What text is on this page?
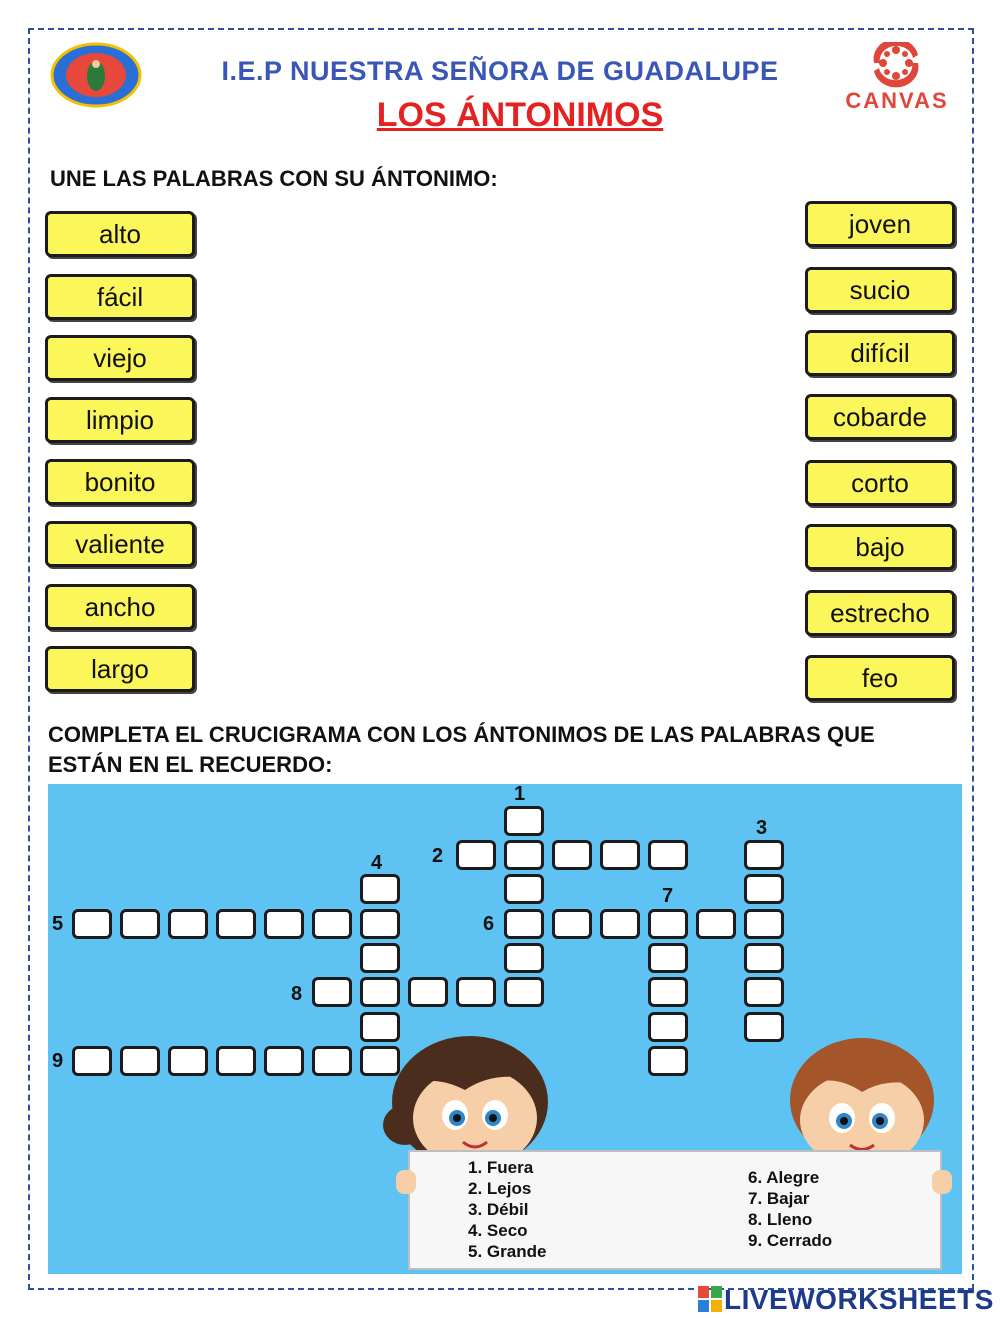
I.E.P NUESTRA SEÑORA DE GUADALUPE
LOS ÁNTONIMOS	CANVAS
UNE LAS PALABRAS CON SU ÁNTONIMO:
alto
fácil
viejo
limpio
bonito
valiente
ancho
largo
joven
sucio
difícil
cobarde
corto
bajo
estrecho
feo
COMPLETA EL CRUCIGRAMA CON LOS ÁNTONIMOS DE LAS PALABRAS QUE
ESTÁN EN EL RECUERDO:
1
2
3
4
5	6
7
8
9
1. Fuera
2. Lejos
3. Débil
4. Seco
5. Grande
6. Alegre
7. Bajar
8. Lleno
9. Cerrado
LIVEWORKSHEETS
